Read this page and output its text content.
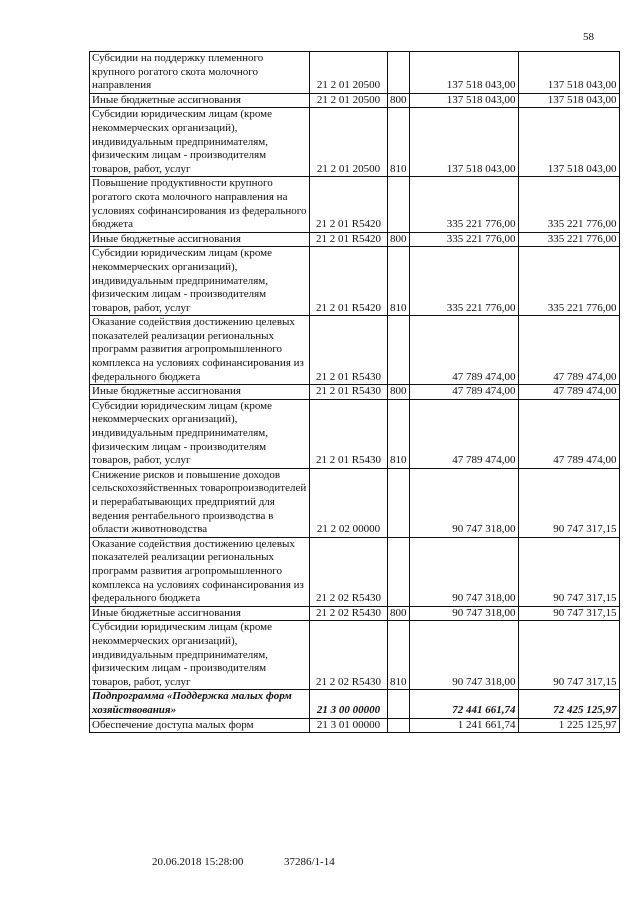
58
Субсидии на поддержку племенного крупного рогатого скота молочного направления	21 2 01 20500		137 518 043,00	137 518 043,00
Иные бюджетные ассигнования	21 2 01 20500	800	137 518 043,00	137 518 043,00
Субсидии юридическим лицам (кроме некоммерческих организаций), индивидуальным предпринимателям, физическим лицам - производителям товаров, работ, услуг	21 2 01 20500	810	137 518 043,00	137 518 043,00
Повышение продуктивности крупного рогатого скота молочного направления на условиях софинансирования из федерального бюджета	21 2 01 R5420		335 221 776,00	335 221 776,00
Иные бюджетные ассигнования	21 2 01 R5420	800	335 221 776,00	335 221 776,00
Субсидии юридическим лицам (кроме некоммерческих организаций), индивидуальным предпринимателям, физическим лицам - производителям товаров, работ, услуг	21 2 01 R5420	810	335 221 776,00	335 221 776,00
Оказание содействия достижению целевых показателей реализации региональных программ развития агропромышленного комплекса на условиях софинансирования из федерального бюджета	21 2 01 R5430		47 789 474,00	47 789 474,00
Иные бюджетные ассигнования	21 2 01 R5430	800	47 789 474,00	47 789 474,00
Субсидии юридическим лицам (кроме некоммерческих организаций), индивидуальным предпринимателям, физическим лицам - производителям товаров, работ, услуг	21 2 01 R5430	810	47 789 474,00	47 789 474,00
Снижение рисков и повышение доходов сельскохозяйственных товаропроизводителей и перерабатывающих предприятий для ведения рентабельного производства в области животноводства	21 2 02 00000		90 747 318,00	90 747 317,15
Оказание содействия достижению целевых показателей реализации региональных программ развития агропромышленного комплекса на условиях софинансирования из федерального бюджета	21 2 02 R5430		90 747 318,00	90 747 317,15
Иные бюджетные ассигнования	21 2 02 R5430	800	90 747 318,00	90 747 317,15
Субсидии юридическим лицам (кроме некоммерческих организаций), индивидуальным предпринимателям, физическим лицам - производителям товаров, работ, услуг	21 2 02 R5430	810	90 747 318,00	90 747 317,15
Подпрограмма «Поддержка малых форм хозяйствования»	21 3 00 00000		72 441 661,74	72 425 125,97
Обеспечение доступа малых форм	21 3 01 00000		1 241 661,74	1 225 125,97
20.06.2018 15:28:00	37286/1-14
